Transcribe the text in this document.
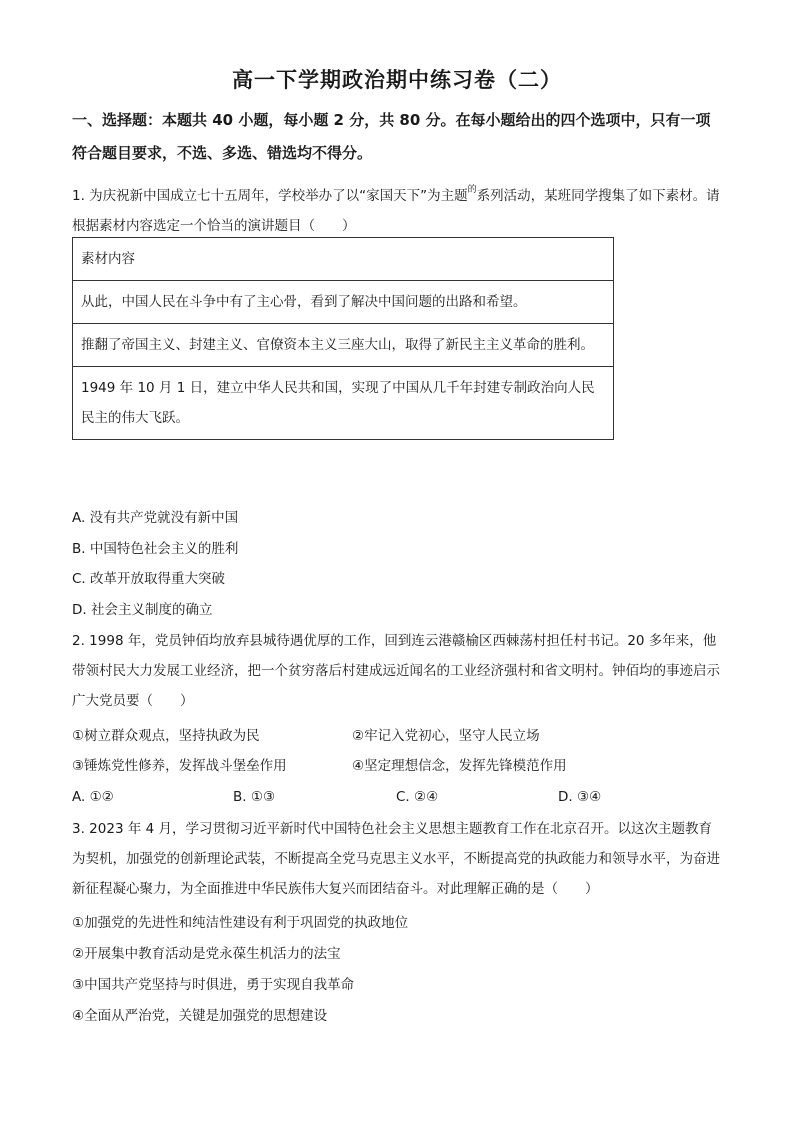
高一下学期政治期中练习卷（二）
一、选择题：本题共 40 小题，每小题 2 分，共 80 分。在每小题给出的四个选项中，只有一项符合题目要求，不选、多选、错选均不得分。
1. 为庆祝新中国成立七十五周年，学校举办了以“家国天下”为主题$^的$系列活动，某班同学搜集了如下素材。请根据素材内容选定一个恰当的演讲题目（　　）
素材内容
从此，中国人民在斗争中有了主心骨，看到了解决中国问题的出路和希望。
推翻了帝国主义、封建主义、官僚资本主义三座大山，取得了新民主主义革命的胜利。
1949 年 10 月 1 日，建立中华人民共和国，实现了中国从几千年封建专制政治向人民民主的伟大飞跃。
A. 没有共产党就没有新中国
B. 中国特色社会主义的胜利
C. 改革开放取得重大突破
D. 社会主义制度的确立
2. 1998 年，党员钟佰均放弃县城待遇优厚的工作，回到连云港赣榆区西棘荡村担任村书记。20 多年来，他带领村民大力发展工业经济，把一个贫穷落后村建成远近闻名的工业经济强村和省文明村。钟佰均的事迹启示广大党员要（　　）
①树立群众观点，坚持执政为民	②牢记入党初心，坚守人民立场
③锤炼党性修养，发挥战斗堡垒作用	④坚定理想信念，发挥先锋模范作用
A. ①②	B. ①③	C. ②④	D. ③④
3. 2023 年 4 月，学习贯彻习近平新时代中国特色社会主义思想主题教育工作在北京召开。以这次主题教育为契机，加强党的创新理论武装，不断提高全党马克思主义水平，不断提高党的执政能力和领导水平，为奋进新征程凝心聚力，为全面推进中华民族伟大复兴而团结奋斗。对此理解正确的是（　　）
①加强党的先进性和纯洁性建设有利于巩固党的执政地位
②开展集中教育活动是党永葆生机活力的法宝
③中国共产党坚持与时俱进，勇于实现自我革命
④全面从严治党，关键是加强党的思想建设
